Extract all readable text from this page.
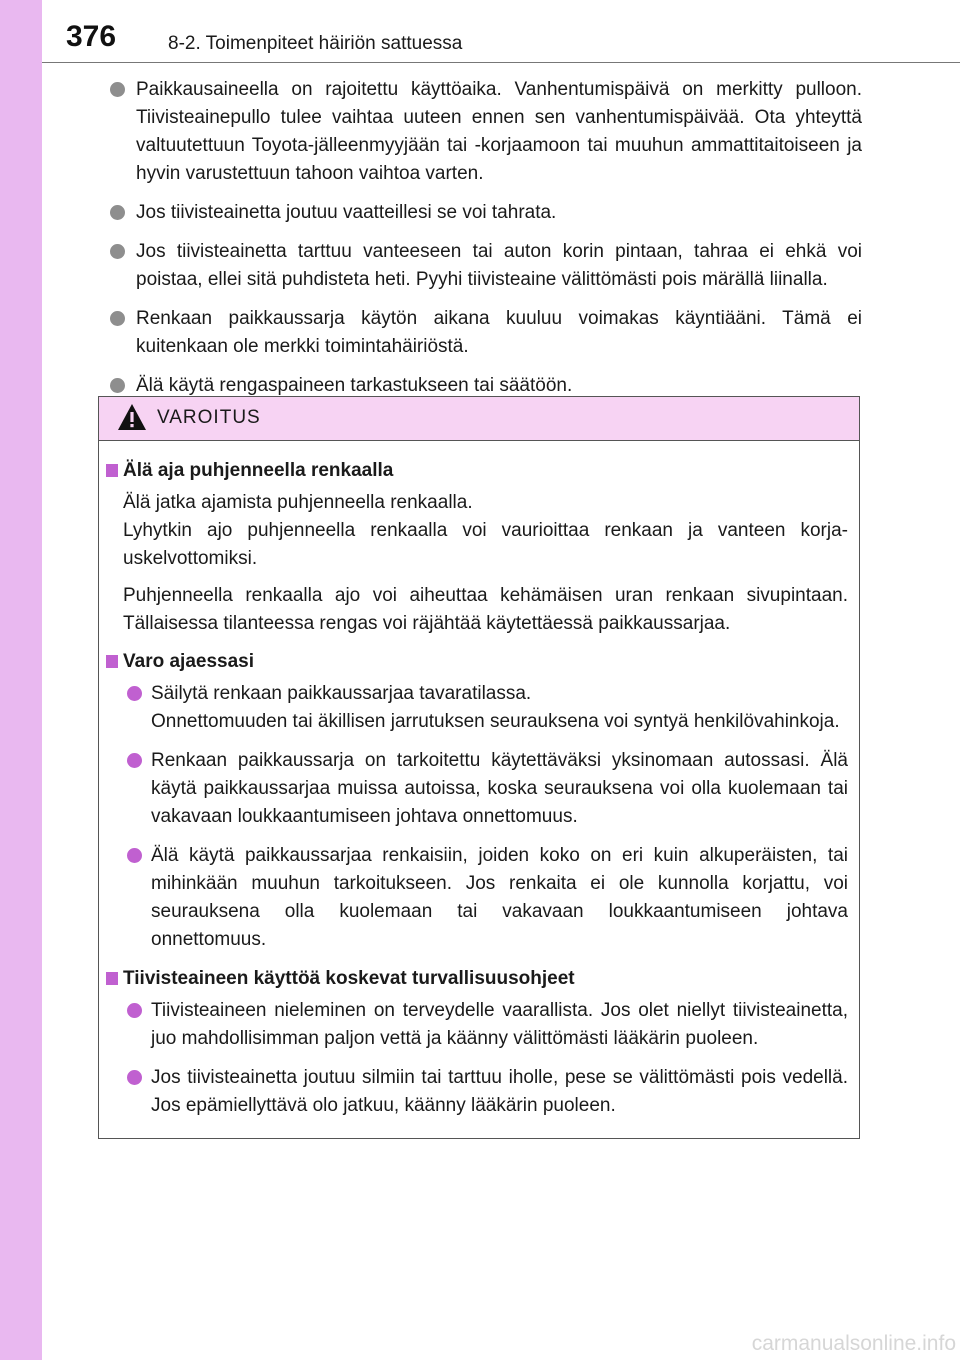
376	8-2. Toimenpiteet häiriön sattuessa
Paikkausaineella on rajoitettu käyttöaika. Vanhentumispäivä on merkitty pulloon. Tiivisteainepullo tulee vaihtaa uuteen ennen sen vanhentumispäivää. Ota yhteyttä valtuutettuun Toyota-jälleenmyyjään tai -korjaamoon tai muuhun ammattitaitoiseen ja hyvin varustettuun tahoon vaihtoa varten.
Jos tiivisteainetta joutuu vaatteillesi se voi tahrata.
Jos tiivisteainetta tarttuu vanteeseen tai auton korin pintaan, tahraa ei ehkä voi poistaa, ellei sitä puhdisteta heti. Pyyhi tiivisteaine välittömästi pois märällä liinalla.
Renkaan paikkaussarja käytön aikana kuuluu voimakas käyntiääni. Tämä ei kuitenkaan ole merkki toimintahäiriöstä.
Älä käytä rengaspaineen tarkastukseen tai säätöön.
VAROITUS
Älä aja puhjenneella renkaalla
Älä jatka ajamista puhjenneella renkaalla.
Lyhytkin ajo puhjenneella renkaalla voi vaurioittaa renkaan ja vanteen korjauskelvottomiksi.
Puhjenneella renkaalla ajo voi aiheuttaa kehämäisen uran renkaan sivupintaan. Tällaisessa tilanteessa rengas voi räjähtää käytettäessä paikkaussarjaa.
Varo ajaessasi
Säilytä renkaan paikkaussarjaa tavaratilassa.
Onnettomuuden tai äkillisen jarrutuksen seurauksena voi syntyä henkilövahinkoja.
Renkaan paikkaussarja on tarkoitettu käytettäväksi yksinomaan autossasi. Älä käytä paikkaussarjaa muissa autoissa, koska seurauksena voi olla kuolemaan tai vakavaan loukkaantumiseen johtava onnettomuus.
Älä käytä paikkaussarjaa renkaisiin, joiden koko on eri kuin alkuperäisten, tai mihinkään muuhun tarkoitukseen. Jos renkaita ei ole kunnolla korjattu, voi seurauksena olla kuolemaan tai vakavaan loukkaantumiseen johtava onnettomuus.
Tiivisteaineen käyttöä koskevat turvallisuusohjeet
Tiivisteaineen nieleminen on terveydelle vaarallista. Jos olet niellyt tiivisteainetta, juo mahdollisimman paljon vettä ja käänny välittömästi lääkärin puoleen.
Jos tiivisteainetta joutuu silmiin tai tarttuu iholle, pese se välittömästi pois vedellä. Jos epämiellyttävä olo jatkuu, käänny lääkärin puoleen.
carmanualsonline.info
